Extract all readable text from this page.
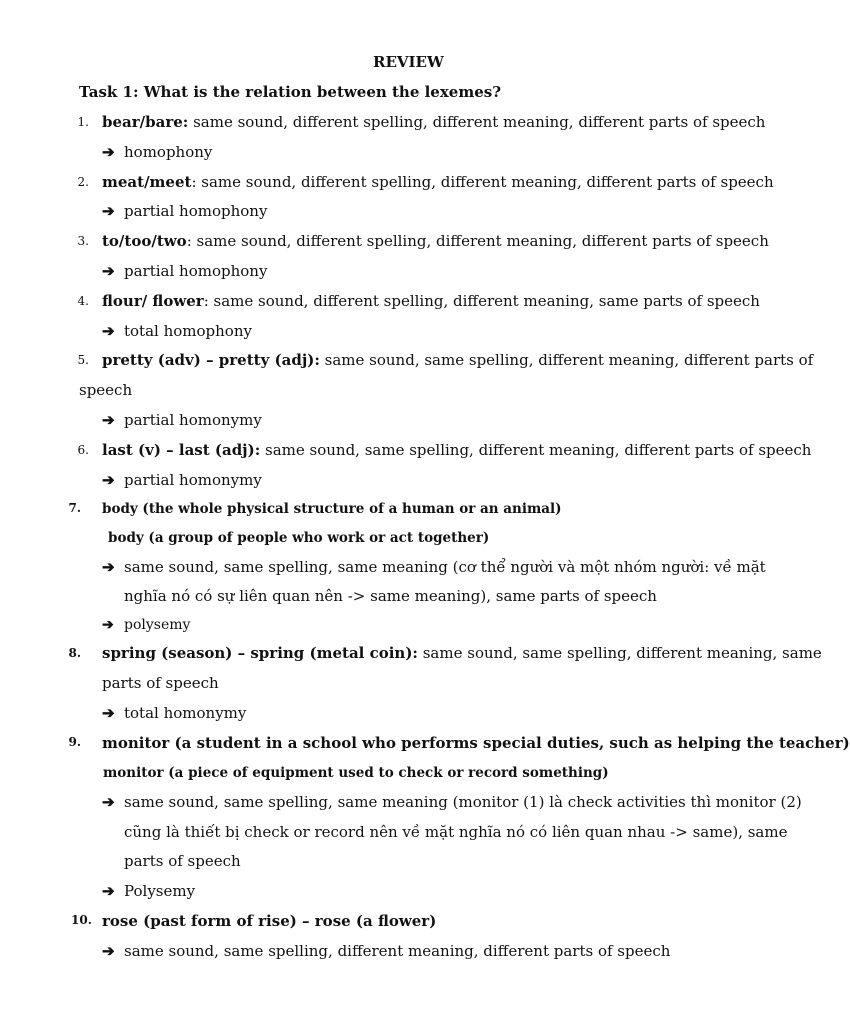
REVIEW
Task 1: What is the relation between the lexemes?
1. bear/bare: same sound, different spelling, different meaning, different parts of speech
➔ homophony
2. meat/meet: same sound, different spelling, different meaning, different parts of speech
➔ partial homophony
3. to/too/two: same sound, different spelling, different meaning, different parts of speech
➔ partial homophony
4. flour/ flower: same sound, different spelling, different meaning, same parts of speech
➔ total homophony
5. pretty (adv) – pretty (adj): same sound, same spelling, different meaning, different parts of
speech
➔ partial homonymy
6. last (v) – last (adj): same sound, same spelling, different meaning, different parts of speech
➔ partial homonymy
7. body (the whole physical structure of a human or an animal)
body (a group of people who work or act together)
➔ same sound, same spelling, same meaning (cơ thể người và một nhóm người: về mặt
nghĩa nó có sự liên quan nên -> same meaning), same parts of speech
➔ polysemy
8. spring (season) – spring (metal coin): same sound, same spelling, different meaning, same
parts of speech
➔ total homonymy
9. monitor (a student in a school who performs special duties, such as helping the teacher)
monitor (a piece of equipment used to check or record something)
➔ same sound, same spelling, same meaning (monitor (1) là check activities thì monitor (2)
cũng là thiết bị check or record nên về mặt nghĩa nó có liên quan nhau -> same), same
parts of speech
➔ Polysemy
10. rose (past form of rise) – rose (a flower)
➔ same sound, same spelling, different meaning, different parts of speech
